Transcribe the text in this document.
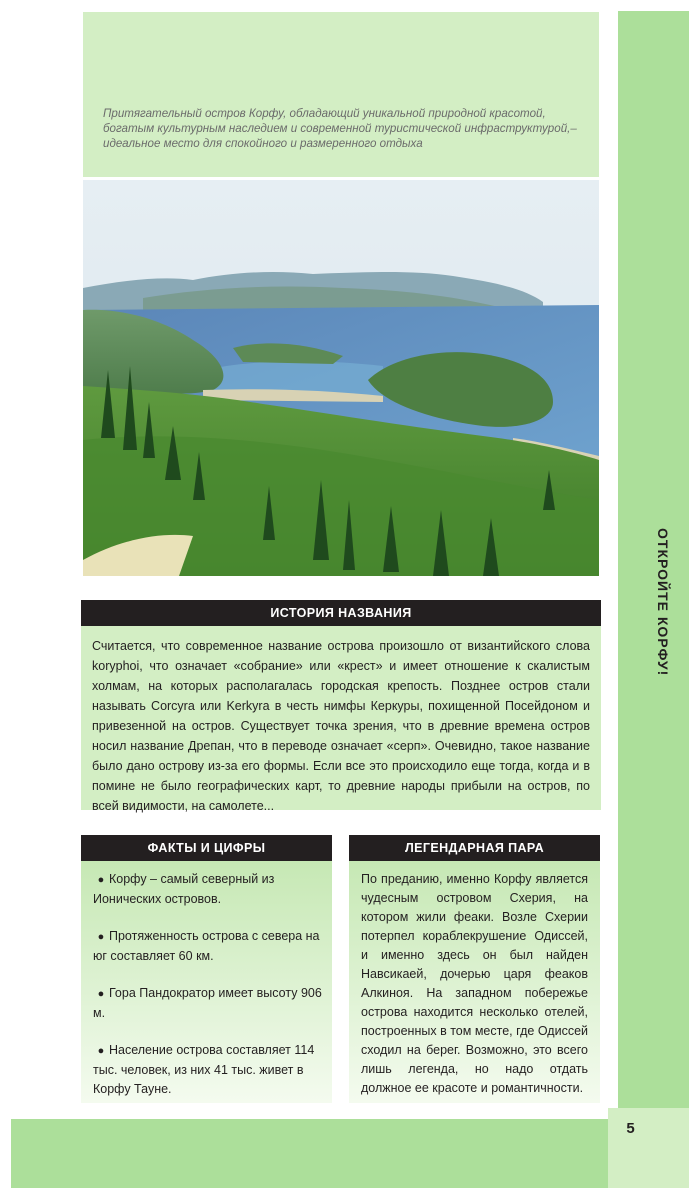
Притягательный остров Корфу, обладающий уникальной природной красотой, богатым культурным наследием и современной туристической инфраструктурой,– идеальное место для спокойного и размеренного отдыха
ОТКРОЙТЕ КОРФУ!
ИСТОРИЯ НАЗВАНИЯ
Считается, что современное название острова произошло от византийского слова koryphoi, что означает «собрание» или «крест» и имеет отношение к скалистым холмам, на которых располагалась городская крепость. Позднее остров стали называть Corcyra или Kerkyra в честь нимфы Керкуры, похищенной Посейдоном и привезенной на остров. Существует точка зрения, что в древние времена остров носил название Дрепан, что в переводе означает «серп». Очевидно, такое название было дано острову из-за его формы. Если все это происходило еще тогда, когда и в помине не было географических карт, то древние народы прибыли на остров, по всей видимости, на самолете...
ФАКТЫ И ЦИФРЫ
● Корфу – самый северный из Ионических островов.
● Протяженность острова с севера на юг составляет 60 км.
● Гора Пандократор имеет высоту 906 м.
● Население острова составляет 114 тыс. человек, из них 41 тыс. живет в Корфу Тауне.
ЛЕГЕНДАРНАЯ ПАРА
По преданию, именно Корфу является чудесным островом Схерия, на котором жили феаки. Возле Схерии потерпел кораблекрушение Одиссей, и именно здесь он был найден Навсикаей, дочерью царя феаков Алкиноя. На западном побережье острова находится несколько отелей, построенных в том месте, где Одиссей сходил на берег. Возможно, это всего лишь легенда, но надо отдать должное ее красоте и романтичности.
5
